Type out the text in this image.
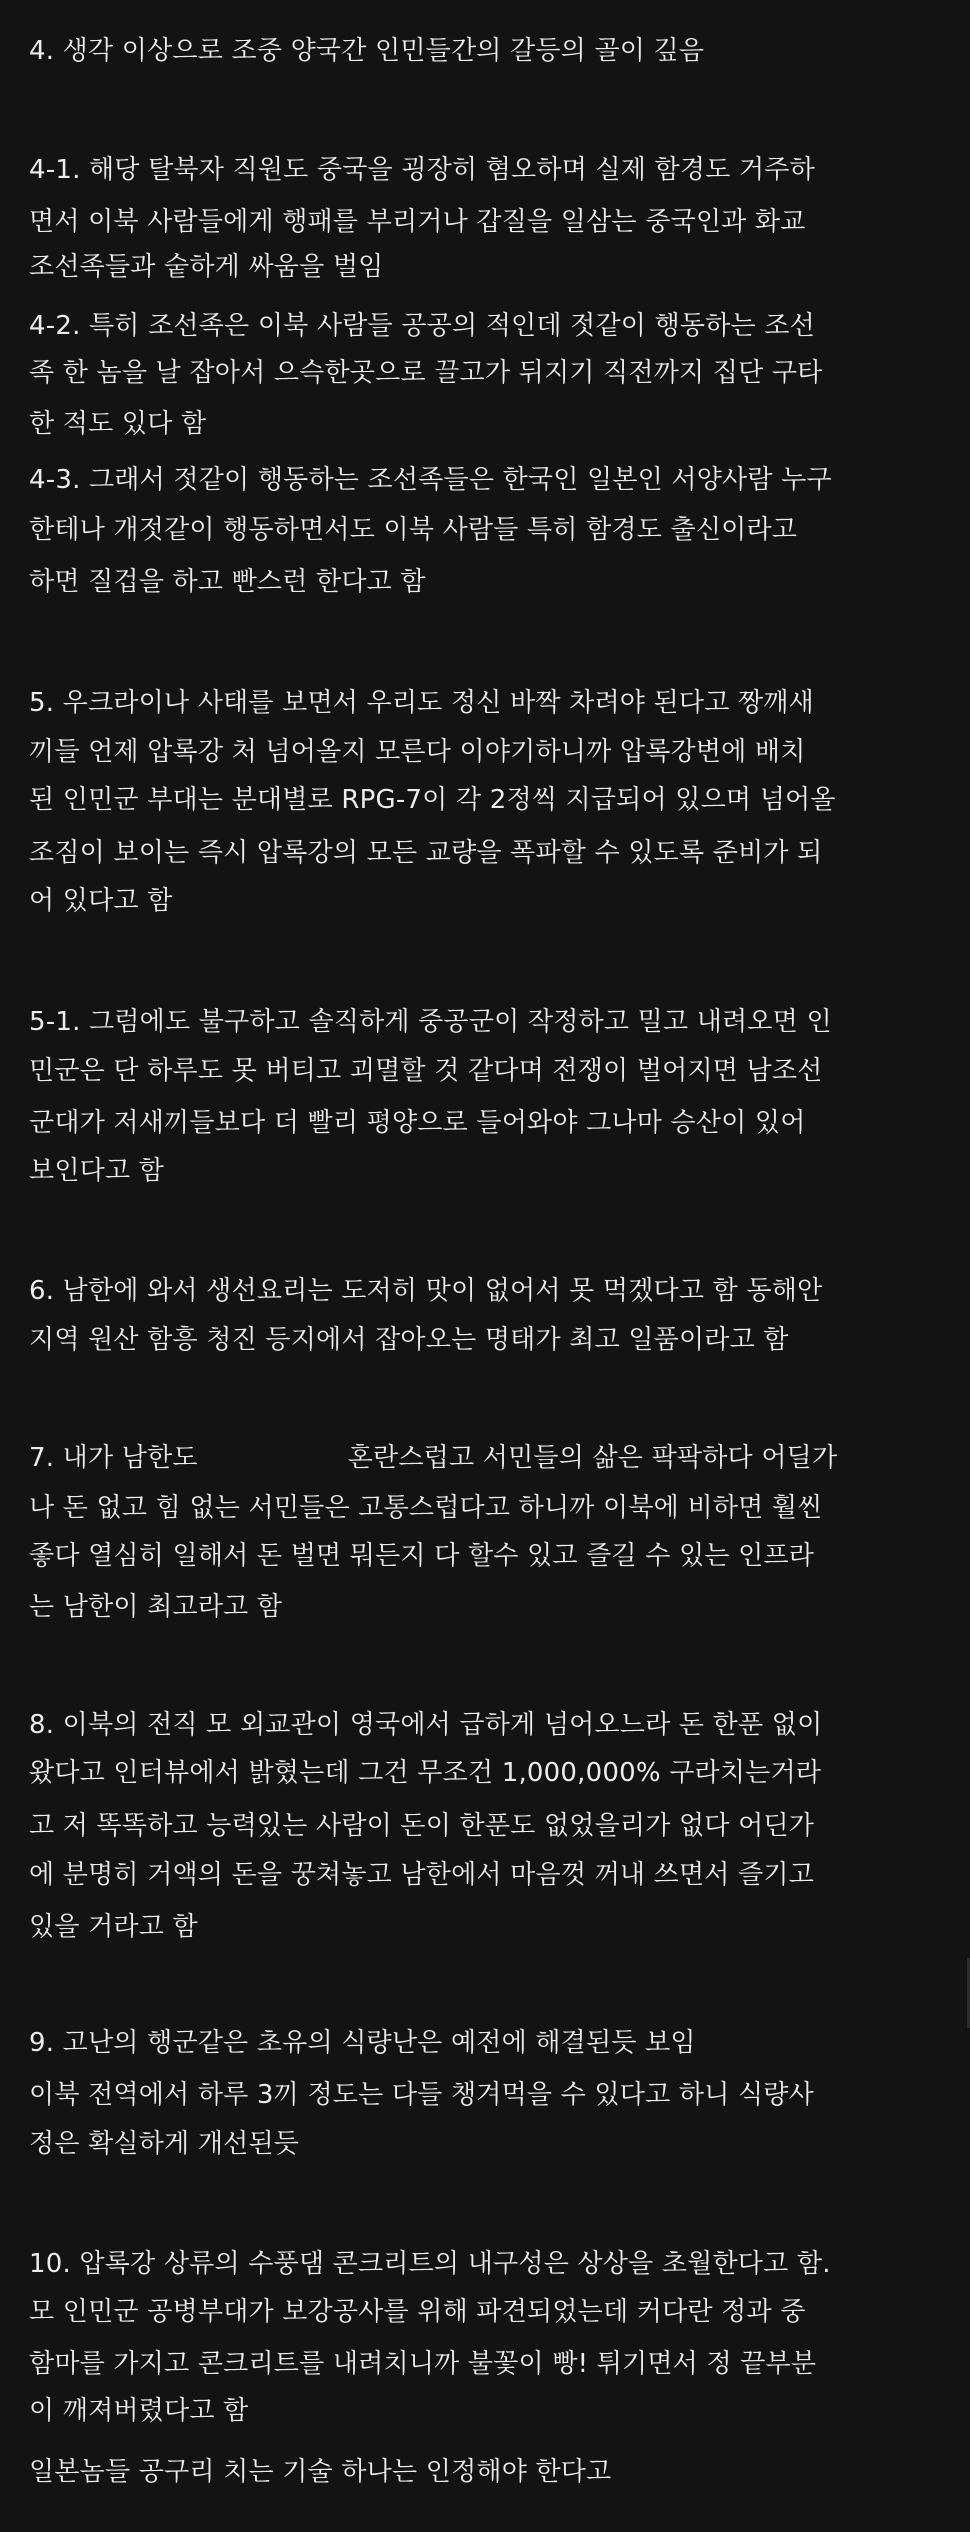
4. 생각 이상으로 조중 양국간 인민들간의 갈등의 골이 깊음
4-1. 해당 탈북자 직원도 중국을 굉장히 혐오하며 실제 함경도 거주하
면서 이북 사람들에게 행패를 부리거나 갑질을 일삼는 중국인과 화교
조선족들과 숱하게 싸움을 벌임
4-2. 특히 조선족은 이북 사람들 공공의 적인데 젓같이 행동하는 조선
족 한 놈을 날 잡아서 으슥한곳으로 끌고가 뒤지기 직전까지 집단 구타
한 적도 있다 함
4-3. 그래서 젓같이 행동하는 조선족들은 한국인 일본인 서양사람 누구
한테나 개젓같이 행동하면서도 이북 사람들 특히 함경도 출신이라고
하면 질겁을 하고 빤스런 한다고 함
5. 우크라이나 사태를 보면서 우리도 정신 바짝 차려야 된다고 짱깨새
끼들 언제 압록강 처 넘어올지 모른다 이야기하니까 압록강변에 배치
된 인민군 부대는 분대별로 RPG-7이 각 2정씩 지급되어 있으며 넘어올
조짐이 보이는 즉시 압록강의 모든 교량을 폭파할 수 있도록 준비가 되
어 있다고 함
5-1. 그럼에도 불구하고 솔직하게 중공군이 작정하고 밀고 내려오면 인
민군은 단 하루도 못 버티고 괴멸할 것 같다며 전쟁이 벌어지면 남조선
군대가 저새끼들보다 더 빨리 평양으로 들어와야 그나마 승산이 있어
보인다고 함
6. 남한에 와서 생선요리는 도저히 맛이 없어서 못 먹겠다고 함 동해안
지역 원산 함흥 청진 등지에서 잡아오는 명태가 최고 일품이라고 함
7. 내가 남한도	혼란스럽고 서민들의 삶은 팍팍하다 어딜가
나 돈 없고 힘 없는 서민들은 고통스럽다고 하니까 이북에 비하면 훨씬
좋다 열심히 일해서 돈 벌면 뭐든지 다 할수 있고 즐길 수 있는 인프라
는 남한이 최고라고 함
8. 이북의 전직 모 외교관이 영국에서 급하게 넘어오느라 돈 한푼 없이
왔다고 인터뷰에서 밝혔는데 그건 무조건 1,000,000% 구라치는거라
고 저 똑똑하고 능력있는 사람이 돈이 한푼도 없었을리가 없다 어딘가
에 분명히 거액의 돈을 꿍쳐놓고 남한에서 마음껏 꺼내 쓰면서 즐기고
있을 거라고 함
9. 고난의 행군같은 초유의 식량난은 예전에 해결된듯 보임
이북 전역에서 하루 3끼 정도는 다들 챙겨먹을 수 있다고 하니 식량사
정은 확실하게 개선된듯
10. 압록강 상류의 수풍댐 콘크리트의 내구성은 상상을 초월한다고 함.
모 인민군 공병부대가 보강공사를 위해 파견되었는데 커다란 정과 중
함마를 가지고 콘크리트를 내려치니까 불꽃이 빵! 튀기면서 정 끝부분
이 깨져버렸다고 함
일본놈들 공구리 치는 기술 하나는 인정해야 한다고
